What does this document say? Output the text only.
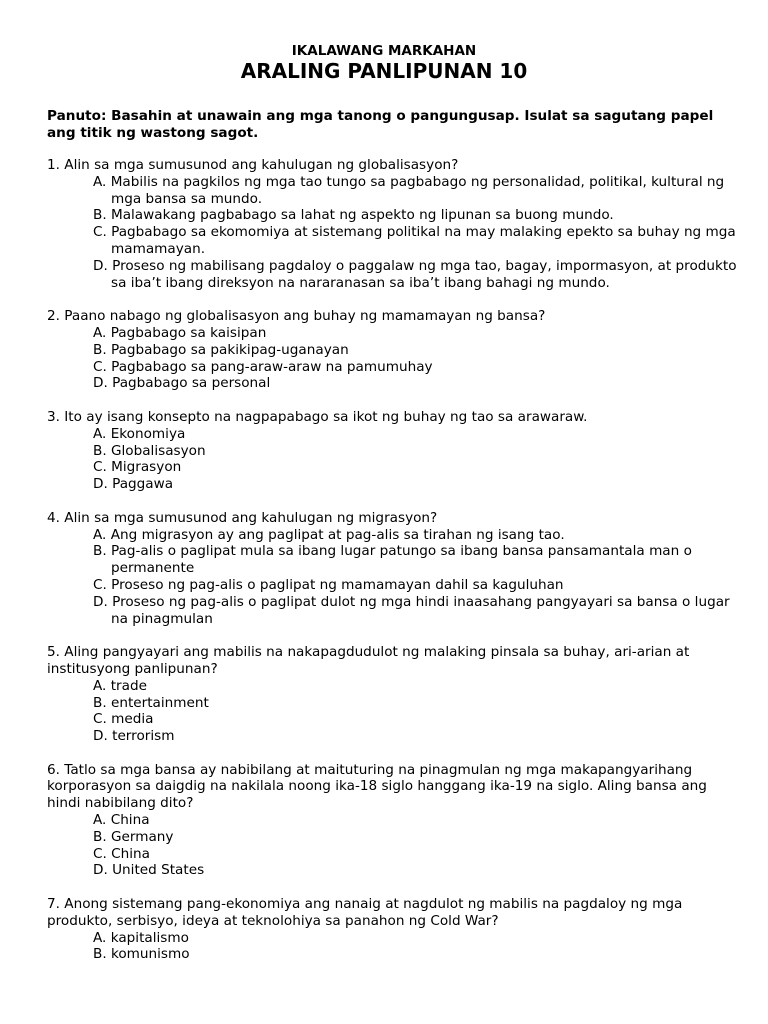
IKALAWANG MARKAHAN
ARALING PANLIPUNAN 10
Panuto: Basahin at unawain ang mga tanong o pangungusap. Isulat sa sagutang papel ang titik ng wastong sagot.
1. Alin sa mga sumusunod ang kahulugan ng globalisasyon?
A. Mabilis na pagkilos ng mga tao tungo sa pagbabago ng personalidad, politikal, kultural ng mga bansa sa mundo.
B. Malawakang pagbabago sa lahat ng aspekto ng lipunan sa buong mundo.
C. Pagbabago sa ekomomiya at sistemang politikal na may malaking epekto sa buhay ng mga mamamayan.
D. Proseso ng mabilisang pagdaloy o paggalaw ng mga tao, bagay, impormasyon, at produkto sa iba’t ibang direksyon na nararanasan sa iba’t ibang bahagi ng mundo.
2. Paano nabago ng globalisasyon ang buhay ng mamamayan ng bansa?
A. Pagbabago sa kaisipan
B. Pagbabago sa pakikipag-uganayan
C. Pagbabago sa pang-araw-araw na pamumuhay
D. Pagbabago sa personal
3. Ito ay isang konsepto na nagpapabago sa ikot ng buhay ng tao sa arawaraw.
A. Ekonomiya
B. Globalisasyon
C. Migrasyon
D. Paggawa
4. Alin sa mga sumusunod ang kahulugan ng migrasyon?
A. Ang migrasyon ay ang paglipat at pag-alis sa tirahan ng isang tao.
B. Pag-alis o paglipat mula sa ibang lugar patungo sa ibang bansa pansamantala man o permanente
C. Proseso ng pag-alis o paglipat ng mamamayan dahil sa kaguluhan
D. Proseso ng pag-alis o paglipat dulot ng mga hindi inaasahang pangyayari sa bansa o lugar na pinagmulan
5. Aling pangyayari ang mabilis na nakapagdudulot ng malaking pinsala sa buhay, ari-arian at institusyong panlipunan?
A. trade
B. entertainment
C. media
D. terrorism
6. Tatlo sa mga bansa ay nabibilang at maituturing na pinagmulan ng mga makapangyarihang korporasyon sa daigdig na nakilala noong ika-18 siglo hanggang ika-19 na siglo. Aling bansa ang hindi nabibilang dito?
A. China
B. Germany
C. China
D. United States
7. Anong sistemang pang-ekonomiya ang nanaig at nagdulot ng mabilis na pagdaloy ng mga produkto, serbisyo, ideya at teknolohiya sa panahon ng Cold War?
A. kapitalismo
B. komunismo
